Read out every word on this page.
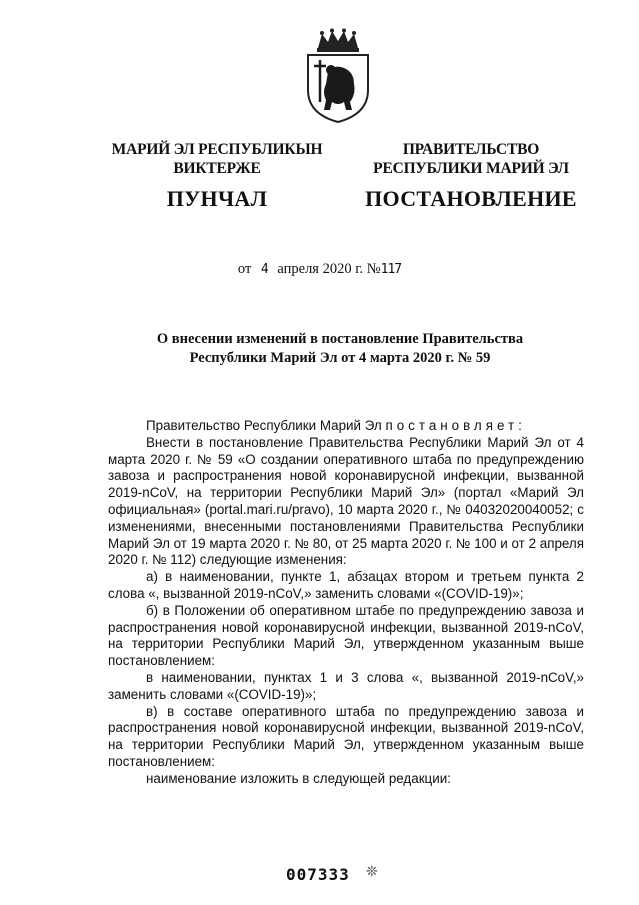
МАРИЙ ЭЛ РЕСПУБЛИКЫН
ВИКТЕРЖЕ
ПУНЧАЛ
ПРАВИТЕЛЬСТВО
РЕСПУБЛИКИ МАРИЙ ЭЛ
ПОСТАНОВЛЕНИЕ
от 4 апреля 2020 г. №117
О внесении изменений в постановление Правительства
Республики Марий Эл от 4 марта 2020 г. № 59

Правительство Республики Марий Эл постановляет:

Внести в постановление Правительства Республики Марий Эл от 4 марта 2020 г. № 59 «О создании оперативного штаба по предупреждению завоза и распространения новой коронавирусной инфекции, вызванной 2019-nCoV, на территории Республики Марий Эл» (портал «Марий Эл официальная» (portal.mari.ru/pravo), 10 марта 2020 г., № 04032020040052; с изменениями, внесенными постановлениями Правительства Республики Марий Эл от 19 марта 2020 г. № 80, от 25 марта 2020 г. № 100 и от 2 апреля 2020 г. № 112) следующие изменения:

а) в наименовании, пункте 1, абзацах втором и третьем пункта 2 слова «, вызванной 2019-nCoV,» заменить словами «(COVID-19)»;

б) в Положении об оперативном штабе по предупреждению завоза и распространения новой коронавирусной инфекции, вызванной 2019-nCoV, на территории Республики Марий Эл, утвержденном указанным выше постановлением:

в наименовании, пунктах 1 и 3 слова «, вызванной 2019-nCoV,» заменить словами «(COVID-19)»;

в) в составе оперативного штаба по предупреждению завоза и распространения новой коронавирусной инфекции, вызванной 2019-nCoV, на территории Республики Марий Эл, утвержденном указанным выше постановлением:

наименование изложить в следующей редакции:

007333 ❊
